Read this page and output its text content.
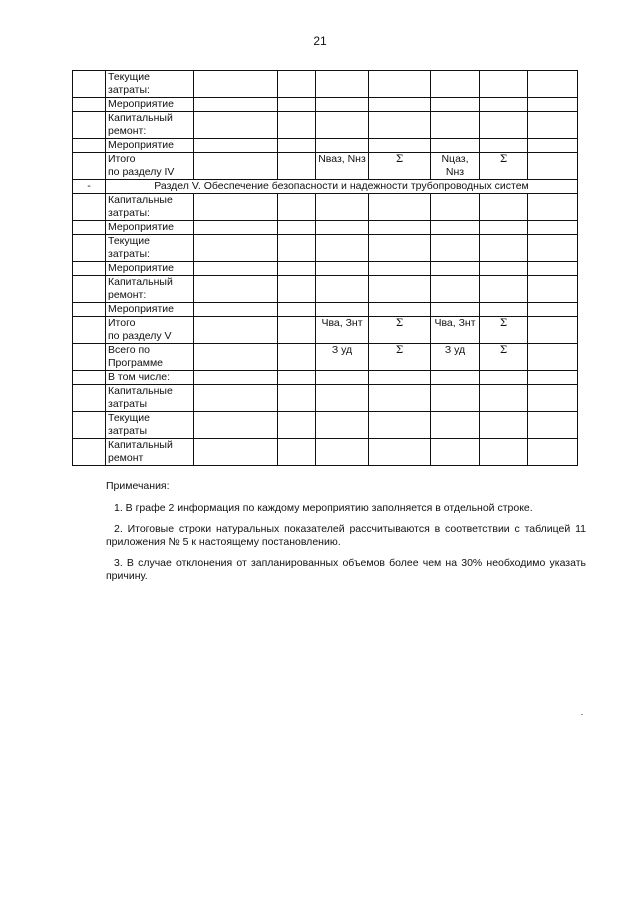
21

	Текущие
затраты:							

	Мероприятие							

	Капитальный
ремонт:							

	Мероприятие							

	Итого
по разделу IV			Nваз, Nнз	Σ	Nцаз, Nнз	Σ	
-	Раздел V. Обеспечение безопасности и надежности трубопроводных систем							

	Капитальные
затраты:							

	Мероприятие							

	Текущие
затраты:							

	Мероприятие							

	Капитальный
ремонт:							

	Мероприятие							

	Итого
по разделу V			Чва, Знт	Σ	Чва, Знт	Σ	

	Всего по
Программе			З уд	Σ	З уд	Σ	

	В том числе:							

	Капитальные
затраты							

	Текущие
затраты							

	Капитальный
ремонт							

Примечания:

1. В графе 2 информация по каждому мероприятию заполняется в отдельной строке.

2. Итоговые строки натуральных показателей рассчитываются в соответствии с таблицей 11 приложения № 5 к настоящему постановлению.

3. В случае отклонения от запланированных объемов более чем на 30% необходимо указать причину.
